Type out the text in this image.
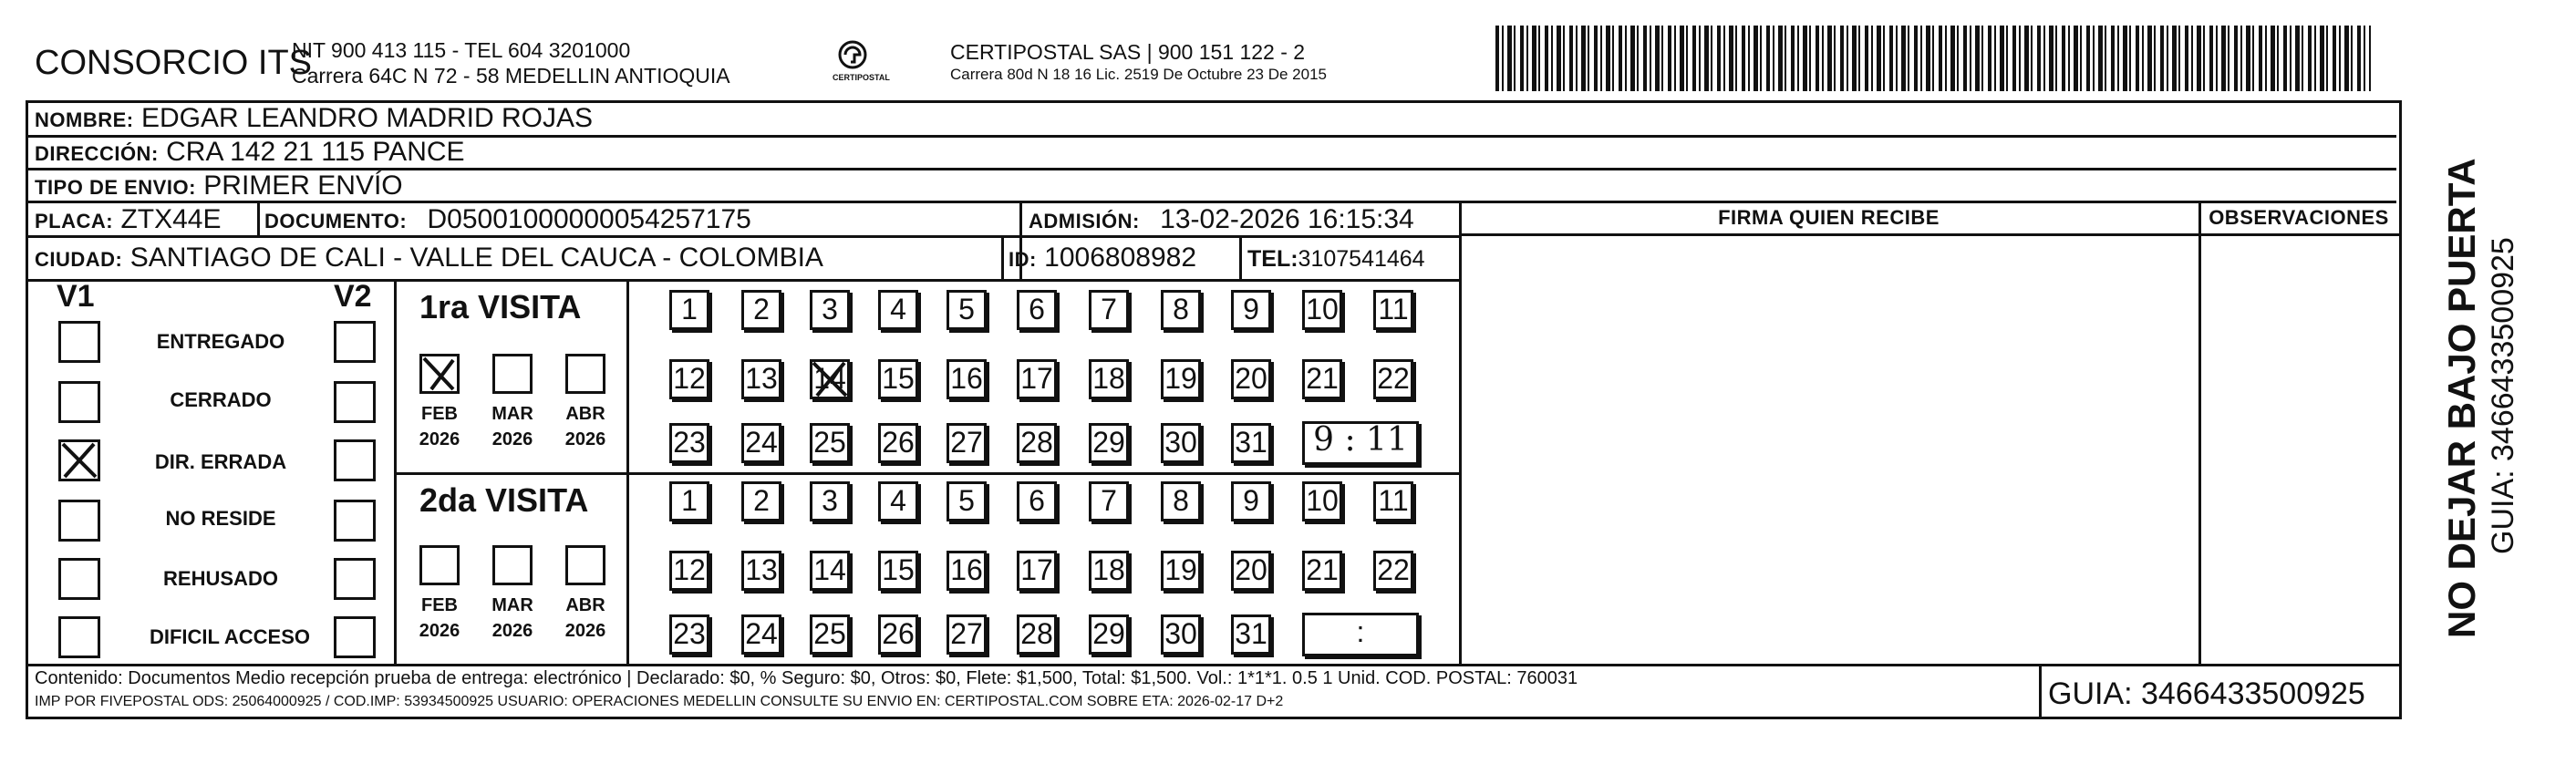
CONSORCIO ITS
NIT 900 413 115 - TEL 604 3201000
Carrera 64C N 72 - 58 MEDELLIN ANTIOQUIA	CERTIPOSTAL
CERTIPOSTAL SAS | 900 151 122 - 2
Carrera 80d N 18 16 Lic. 2519 De Octubre 23 De 2015
NOMBRE: EDGAR LEANDRO MADRID ROJAS
DIRECCIÓN: CRA 142 21 115 PANCE
TIPO DE ENVIO: PRIMER ENVÍO
PLACA: ZTX44E DOCUMENTO: D05001000000054257175	ADMISIÓN: 13-02-2026 16:15:34
CIUDAD: SANTIAGO DE CALI - VALLE DEL CAUCA - COLOMBIA	ID: 1006808982 TEL:3107541464
FIRMA QUIEN RECIBE	OBSERVACIONES
V1	V2
ENTREGADO
CERRADO
DIR. ERRADA
NO RESIDE
REHUSADO
DIFICIL ACCESO
1ra VISITA
2da VISITA
FEB	MAR	ABR
2026	2026	2026
FEB	MAR	ABR
2026	2026	2026
1	2	3	4	5	6	7	8	9	10 11
12 13 14 15 16 17 18 19 20 21 22
23 24 25 26 27 28 29 30 31
1	2	3	4	5	6	7	8	9	10 11
12 13 14 15 16 17 18 19 20 21 22
23 24 25 26 27 28 29 30 31
9 : 11
:
Contenido: Documentos Medio recepción prueba de entrega: electrónico | Declarado: $0, % Seguro: $0, Otros: $0, Flete: $1,500, Total: $1,500. Vol.: 1*1*1. 0.5 1 Unid. COD. POSTAL: 760031
IMP POR FIVEPOSTAL ODS: 25064000925 / COD.IMP: 53934500925 USUARIO: OPERACIONES MEDELLIN CONSULTE SU ENVIO EN: CERTIPOSTAL.COM SOBRE ETA: 2026-02-17 D+2	GUIA: 3466433500925
NO DEJAR BAJO PUERTA GUIA: 3466433500925
